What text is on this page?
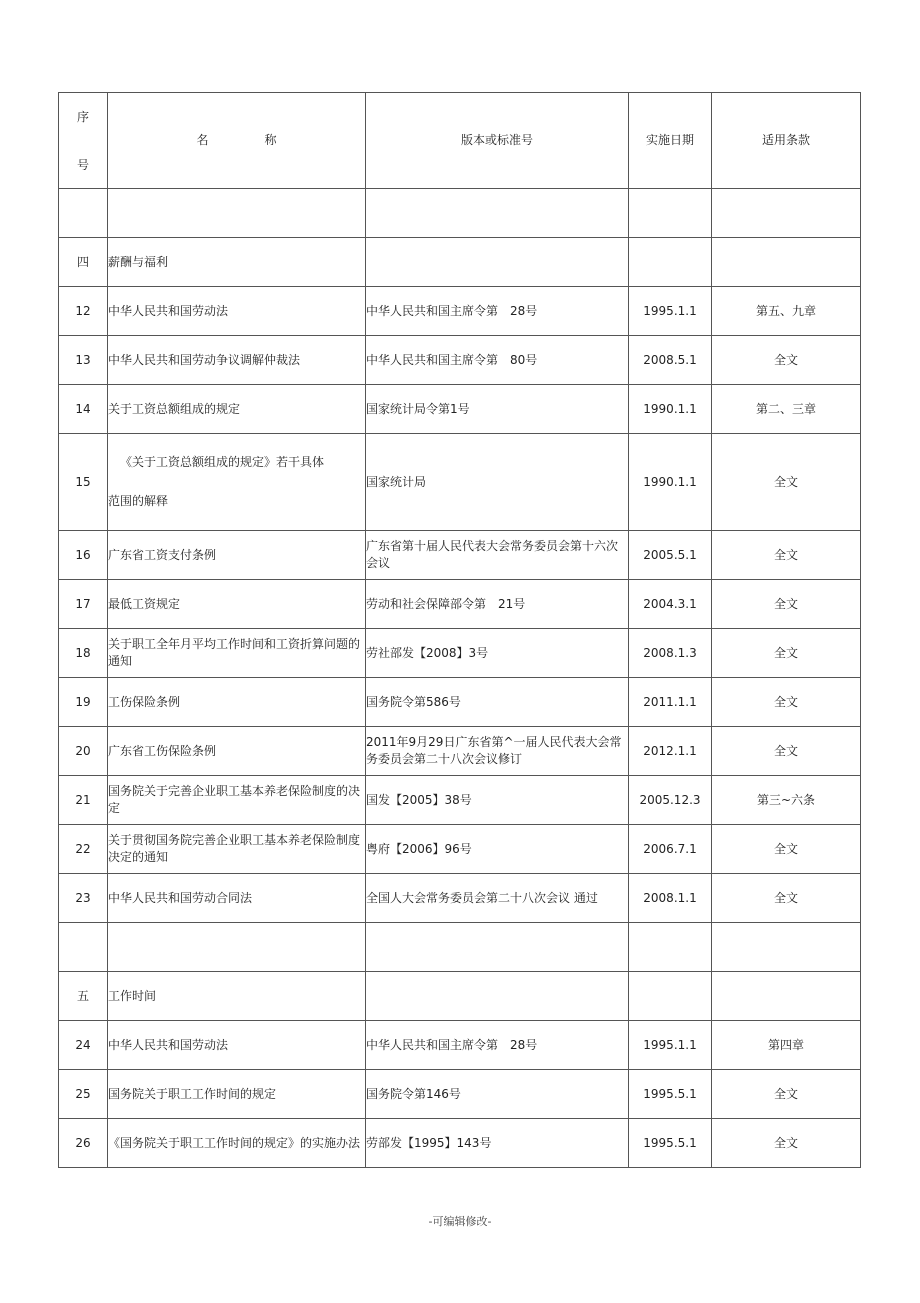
序
号	名 称	版本或标准号	实施日期	适用条款

四	薪酬与福利			
12	中华人民共和国劳动法	中华人民共和国主席令第　28号	1995.1.1	第五、九章
13	中华人民共和国劳动争议调解仲裁法	中华人民共和国主席令第　80号	2008.5.1	全文
14	关于工资总额组成的规定	国家统计局令第1号	1990.1.1	第二、三章
15	《关于工资总额组成的规定》若干具体
范围的解释	国家统计局	1990.1.1	全文
16	广东省工资支付条例	广东省第十届人民代表大会常务委员会第十六次会议	2005.5.1	全文
17	最低工资规定	劳动和社会保障部令第　21号	2004.3.1	全文
18	关于职工全年月平均工作时间和工资折算问题的通知	劳社部发【2008】3号	2008.1.3	全文
19	工伤保险条例	国务院令第586号	2011.1.1	全文
20	广东省工伤保险条例	2011年9月29日广东省第^一届人民代表大会常务委员会第二十八次会议修订	2012.1.1	全文
21	国务院关于完善企业职工基本养老保险制度的决定	国发【2005】38号	2005.12.3	第三~六条
22	关于贯彻国务院完善企业职工基本养老保险制度决定的通知	粤府【2006】96号	2006.7.1	全文
23	中华人民共和国劳动合同法	全国人大会常务委员会第二十八次会议 通过	2008.1.1	全文

五	工作时间			
24	中华人民共和国劳动法	中华人民共和国主席令第　28号	1995.1.1	第四章
25	国务院关于职工工作时间的规定	国务院令第146号	1995.5.1	全文
26	《国务院关于职工工作时间的规定》的实施办法	劳部发【1995】143号	1995.5.1	全文
-可编辑修改-
